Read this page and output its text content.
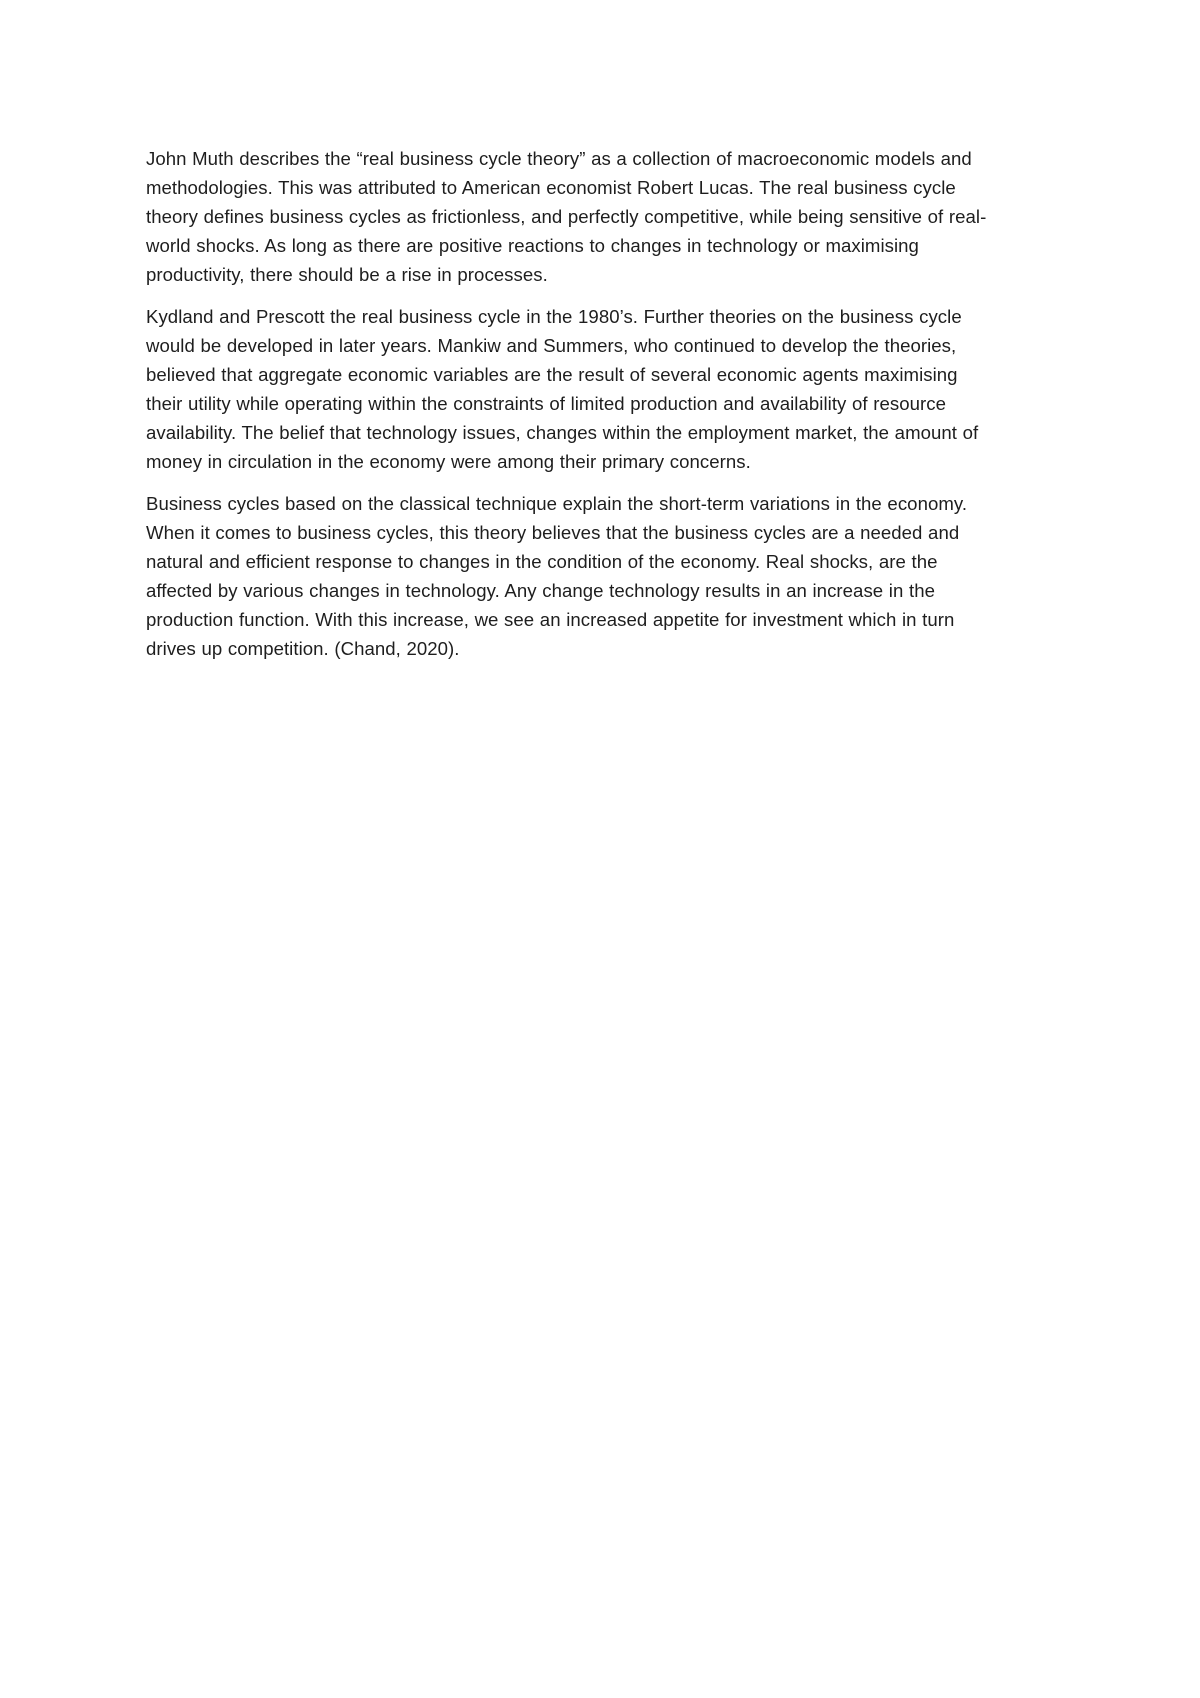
John Muth describes the “real business cycle theory” as a collection of macroeconomic models and
methodologies. This was attributed to American economist Robert Lucas. The real business cycle
theory defines business cycles as frictionless, and perfectly competitive, while being sensitive of real-
world shocks. As long as there are positive reactions to changes in technology or maximising
productivity, there should be a rise in processes.
Kydland and Prescott the real business cycle in the 1980’s. Further theories on the business cycle
would be developed in later years. Mankiw and Summers, who continued to develop the theories,
believed that aggregate economic variables are the result of several economic agents maximising
their utility while operating within the constraints of limited production and availability of resource
availability. The belief that technology issues, changes within the employment market, the amount of
money in circulation in the economy were among their primary concerns.
Business cycles based on the classical technique explain the short-term variations in the economy.
When it comes to business cycles, this theory believes that the business cycles are a needed and
natural and efficient response to changes in the condition of the economy. Real shocks, are the
affected by various changes in technology. Any change technology results in an increase in the
production function. With this increase, we see an increased appetite for investment which in turn
drives up competition. (Chand, 2020).
